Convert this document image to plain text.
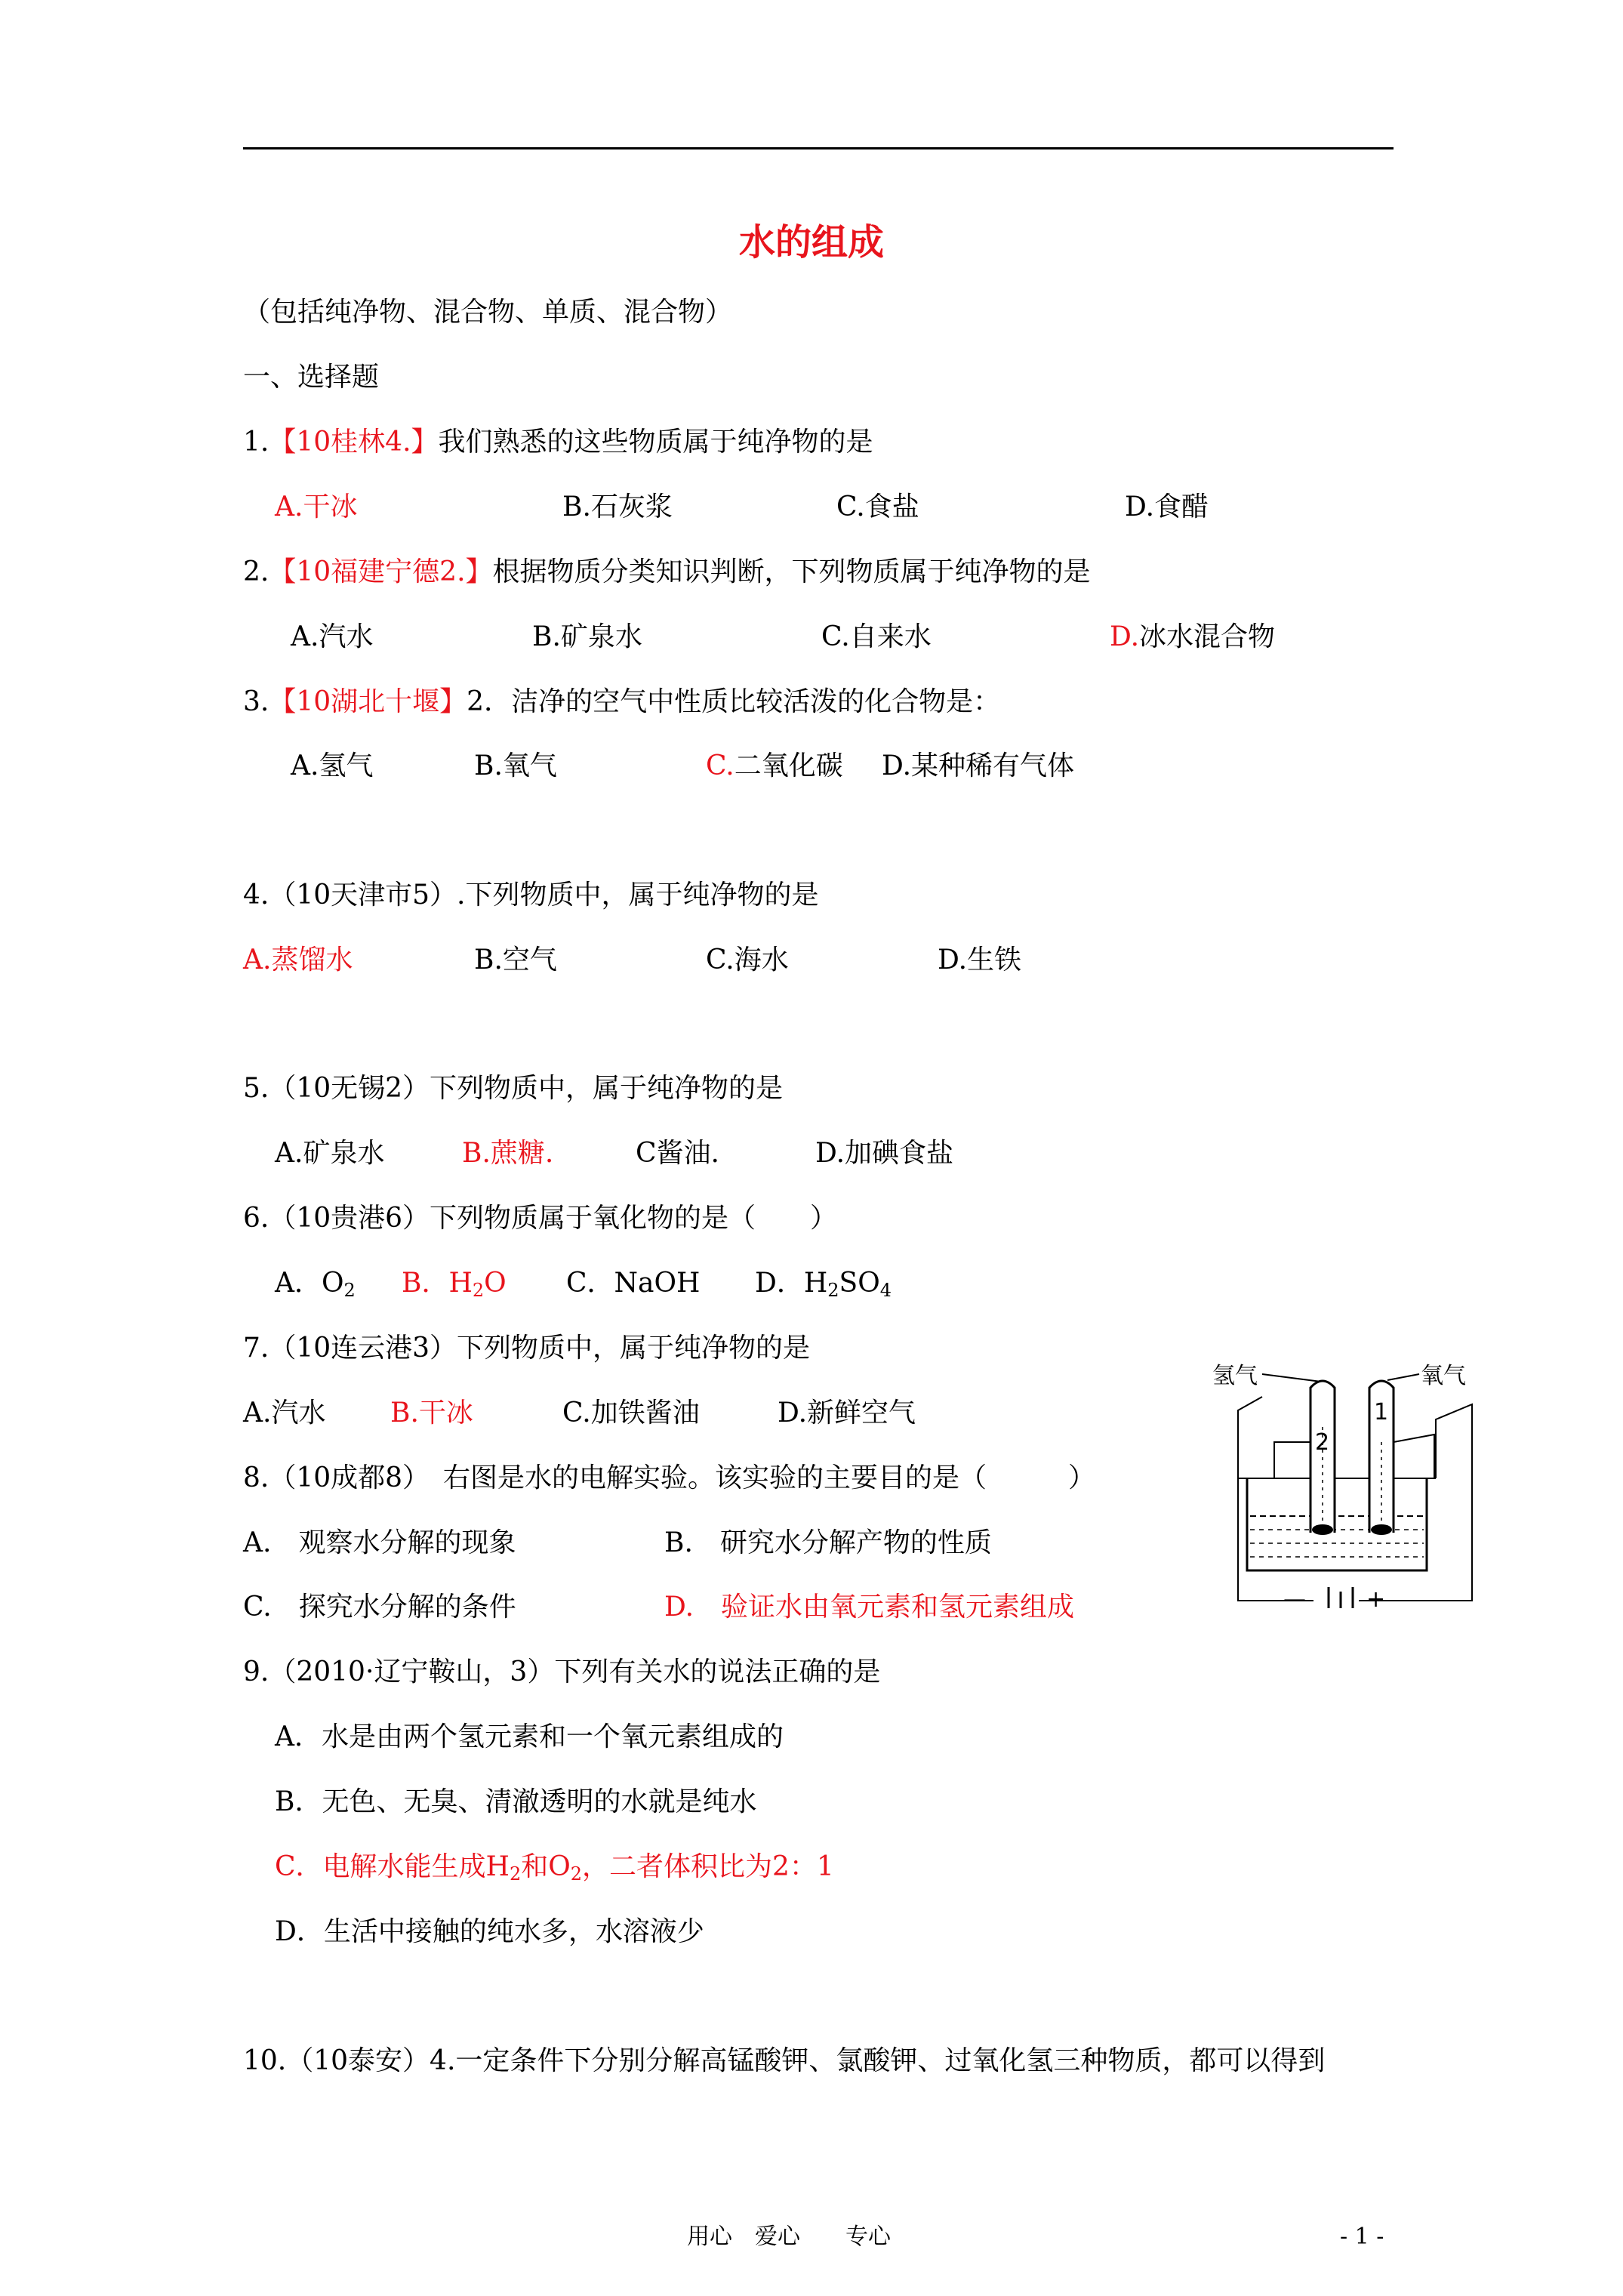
水的组成
（包括纯净物、混合物、单质、混合物）
一、选择题
1.【10桂林4.】我们熟悉的这些物质属于纯净物的是
A.干冰	B.石灰浆	C.食盐	D.食醋
2.【10福建宁德2.】根据物质分类知识判断，下列物质属于纯净物的是
A.汽水	B.矿泉水	C.自来水	D.冰水混合物
3.【10湖北十堰】2．洁净的空气中性质比较活泼的化合物是：
A.氢气	B.氧气	C.二氧化碳 D.某种稀有气体
4.（10天津市5）.下列物质中，属于纯净物的是
A.蒸馏水	B.空气	C.海水	D.生铁
5.（10无锡2）下列物质中，属于纯净物的是
A.矿泉水	B.蔗糖.	C酱油.	D.加碘食盐
6.（10贵港6）下列物质属于氧化物的是（　　）
A．$O_2$ B．$H_2O$ C．NaOH D．$H_2SO_4$
7.（10连云港3）下列物质中，属于纯净物的是
A.汽水 B.干冰	C.加铁酱油	D.新鲜空气
8.（10成都8）　右图是水的电解实验。该实验的主要目的是（　　　）
A.　观察水分解的现象	B.　研究水分解产物的性质
C.　探究水分解的条件	D.　验证水由氧元素和氢元素组成
氢气	氧气
2
1
—	+
9.（2010·辽宁鞍山，3）下列有关水的说法正确的是
A．水是由两个氢元素和一个氧元素组成的
B．无色、无臭、清澈透明的水就是纯水
C．电解水能生成$H_2$和$O_2$，二者体积比为2：1
D．生活中接触的纯水多，水溶液少
10.（10泰安）4.一定条件下分别分解高锰酸钾、氯酸钾、过氧化氢三种物质，都可以得到
用心　爱心　　专心	- 1 -
